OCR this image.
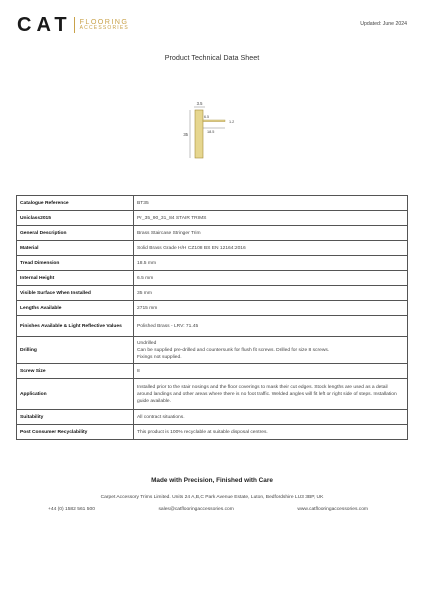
CAT FLOORING
ACCESSORIES
Updated: June 2024
Product Technical Data Sheet
3.5
35
6.5
1.2
18.5
Catalogue Reference	BT35

Uniclass2015	Pr_35_90_31_84 STAIR TRIMS

General Description	Brass Staircase Stringer Trim

Material	Solid Brass Grade H/H CZ108 BS EN 12164:2016

Tread Dimension	18.5 mm

Internal Height	6.5 mm

Visible Surface When Installed	35 mm

Lengths Available	2715 mm

Finishes Available & Light Reflective Values	Polished Brass - LRV: 71.45

Drilling	Undrilled
Can be supplied pre-drilled and countersunk for flush fit screws. Drilled for size 8 screws.
Fixings not supplied.

Screw Size	8

Application	Installed prior to the stair nosings and the floor coverings to mask their cut edges. Stock lengths are used as a detail around landings and other areas where there is no foot traffic. Welded angles will fit left or right side of steps. Installation guide available.

Suitability	All contract situations.

Post Consumer Recyclability	This product is 100% recyclable at suitable disposal centres.
Made with Precision, Finished with Care
Carpet Accessory Trims Limited. Units 24 A,B,C Park Avenue Estate, Luton, Bedfordshire LU3 3BP, UK
+44 (0) 1582 561 500	sales@catflooringaccessories.com	www.catflooringaccessories.com
